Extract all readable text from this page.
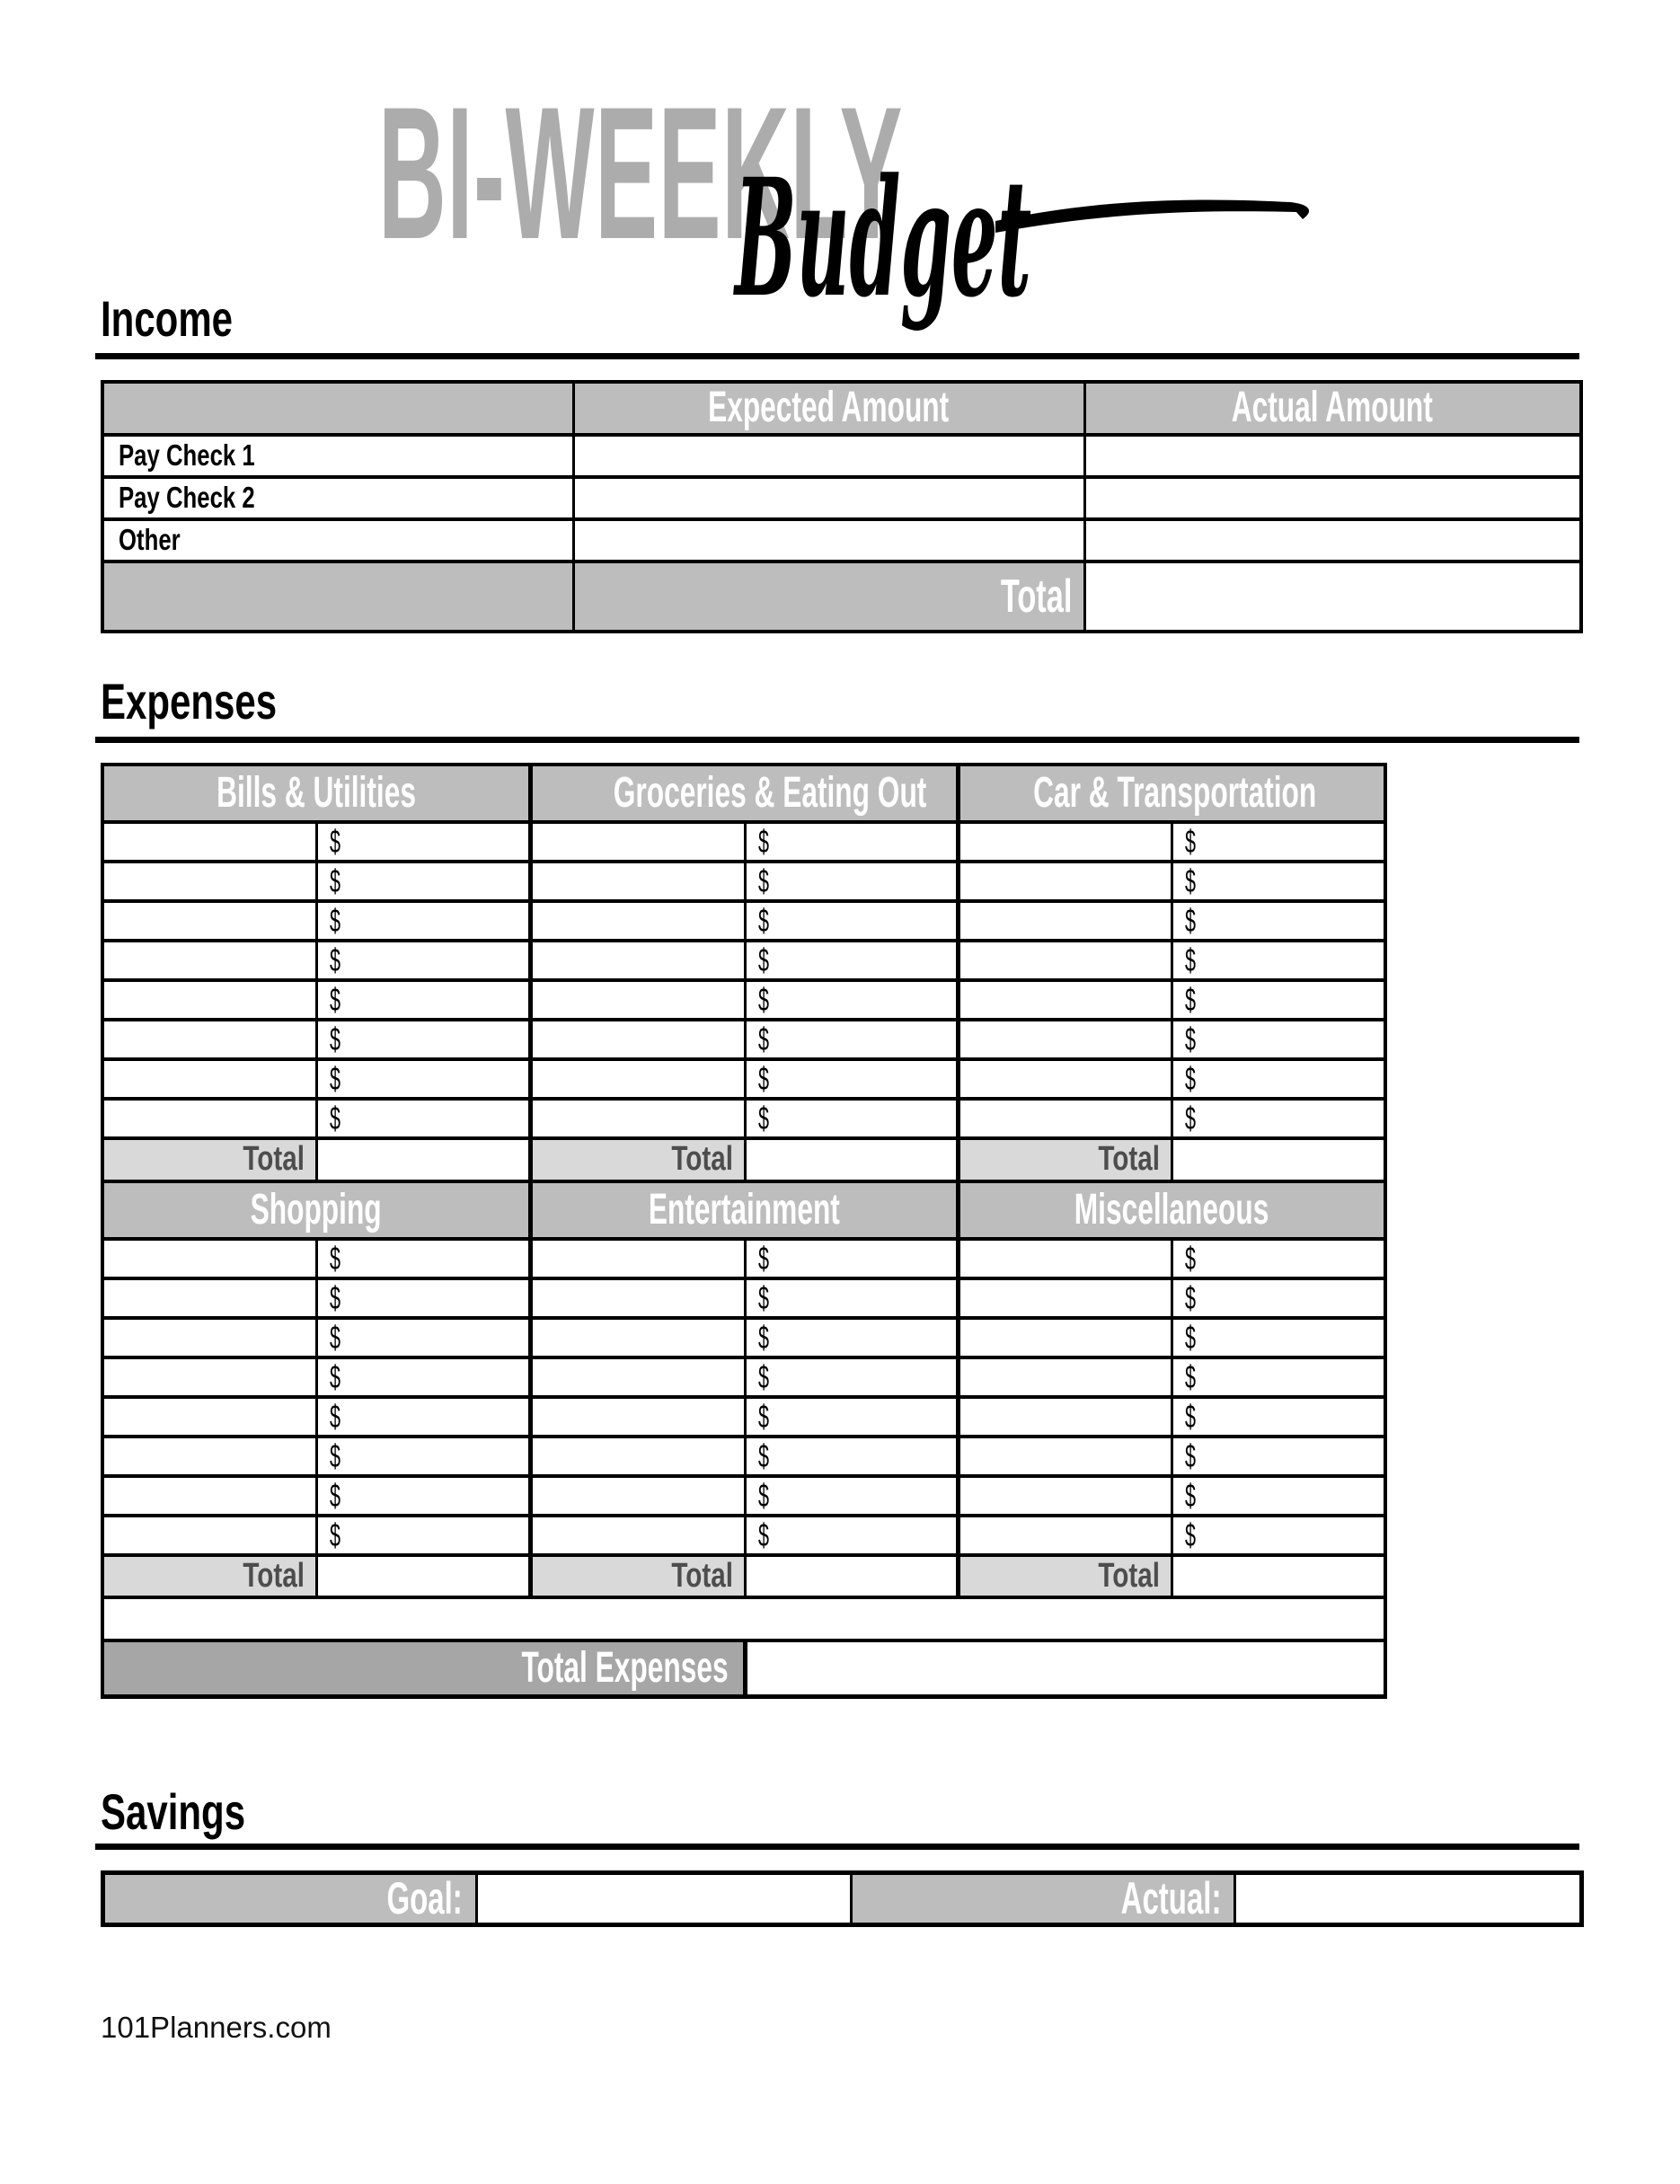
BI-WEEKLY
Budget
Income
	Expected Amount	Actual Amount
Pay Check 1		
Pay Check 2		
Other		
	Total	
Expenses
Bills & Utilities		Groceries & Eating Out		Car & Transportation	
	$		$		$
	$		$		$
	$		$		$
	$		$		$
	$		$		$
	$		$		$
	$		$		$
	$		$		$
Total		Total		Total	
Shopping		Entertainment		Miscellaneous	
	$		$		$
	$		$		$
	$		$		$
	$		$		$
	$		$		$
	$		$		$
	$		$		$
	$		$		$
Total		Total		Total	

Total Expenses					
Savings
Goal:		Actual:	
101Planners.com
